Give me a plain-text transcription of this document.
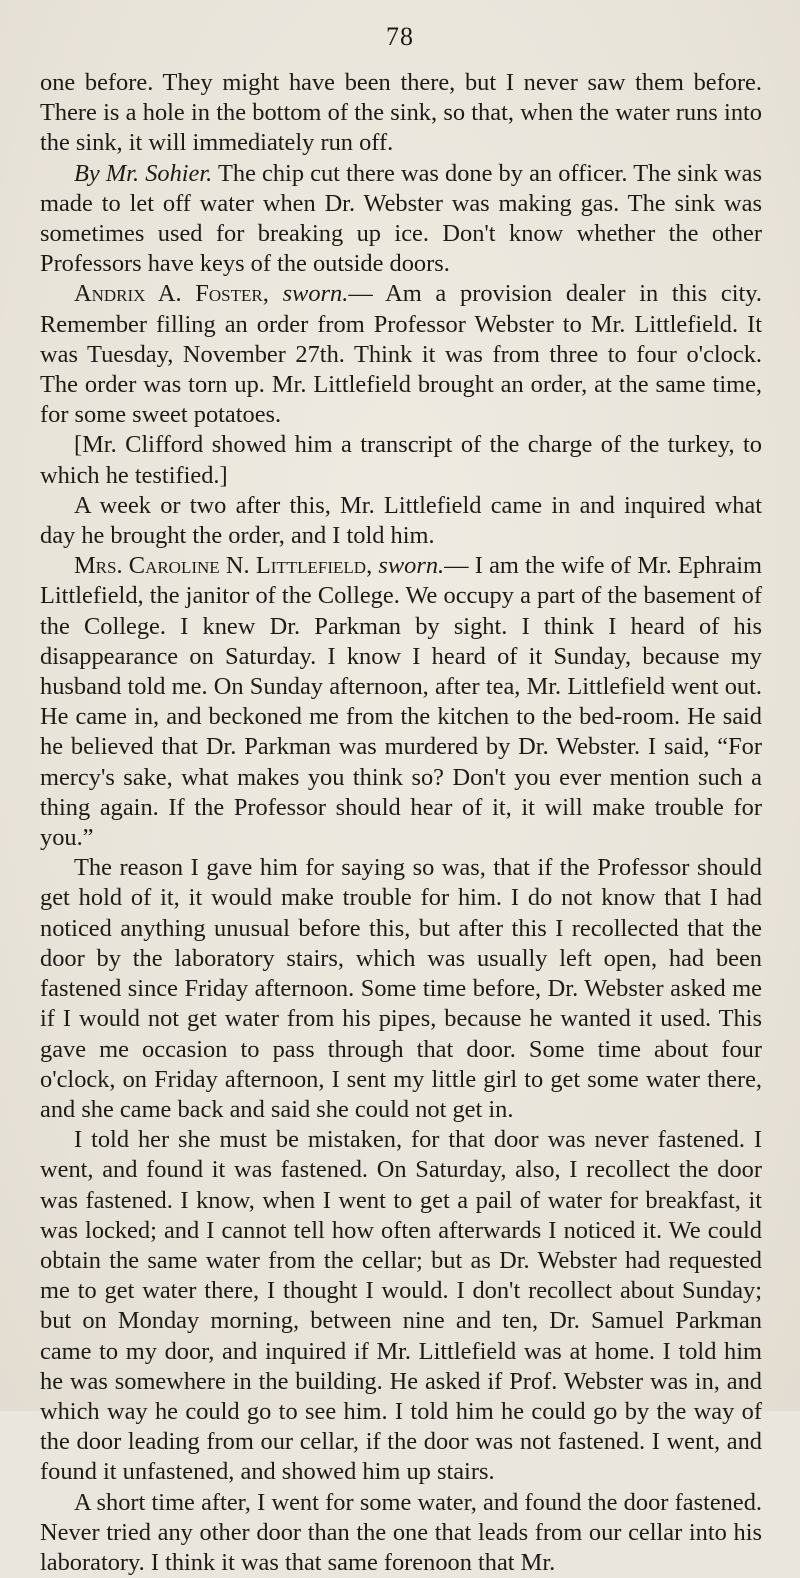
78

one before. They might have been there, but I never saw them before. There is a hole in the bottom of the sink, so that, when the water runs into the sink, it will immediately run off.

By Mr. Sohier. The chip cut there was done by an officer. The sink was made to let off water when Dr. Webster was making gas. The sink was sometimes used for breaking up ice. Don't know whether the other Professors have keys of the outside doors.

Andrix A. Foster, sworn.— Am a provision dealer in this city. Remember filling an order from Professor Webster to Mr. Littlefield. It was Tuesday, November 27th. Think it was from three to four o'clock. The order was torn up. Mr. Littlefield brought an order, at the same time, for some sweet potatoes.

[Mr. Clifford showed him a transcript of the charge of the turkey, to which he testified.]

A week or two after this, Mr. Littlefield came in and inquired what day he brought the order, and I told him.

Mrs. Caroline N. Littlefield, sworn.— I am the wife of Mr. Ephraim Littlefield, the janitor of the College. We occupy a part of the basement of the College. I knew Dr. Parkman by sight. I think I heard of his disappearance on Saturday. I know I heard of it Sunday, because my husband told me. On Sunday afternoon, after tea, Mr. Littlefield went out. He came in, and beckoned me from the kitchen to the bed-room. He said he believed that Dr. Parkman was murdered by Dr. Webster. I said, “For mercy's sake, what makes you think so? Don't you ever mention such a thing again. If the Professor should hear of it, it will make trouble for you.”

The reason I gave him for saying so was, that if the Professor should get hold of it, it would make trouble for him. I do not know that I had noticed anything unusual before this, but after this I recollected that the door by the laboratory stairs, which was usually left open, had been fastened since Friday afternoon. Some time before, Dr. Webster asked me if I would not get water from his pipes, because he wanted it used. This gave me occasion to pass through that door. Some time about four o'clock, on Friday afternoon, I sent my little girl to get some water there, and she came back and said she could not get in.

I told her she must be mistaken, for that door was never fastened. I went, and found it was fastened. On Saturday, also, I recollect the door was fastened. I know, when I went to get a pail of water for breakfast, it was locked; and I cannot tell how often afterwards I noticed it. We could obtain the same water from the cellar; but as Dr. Webster had requested me to get water there, I thought I would. I don't recollect about Sunday; but on Monday morning, between nine and ten, Dr. Samuel Parkman came to my door, and inquired if Mr. Littlefield was at home. I told him he was somewhere in the building. He asked if Prof. Webster was in, and which way he could go to see him. I told him he could go by the way of the door leading from our cellar, if the door was not fastened. I went, and found it unfastened, and showed him up stairs.

A short time after, I went for some water, and found the door fastened. Never tried any other door than the one that leads from our cellar into his laboratory. I think it was that same forenoon that Mr.
